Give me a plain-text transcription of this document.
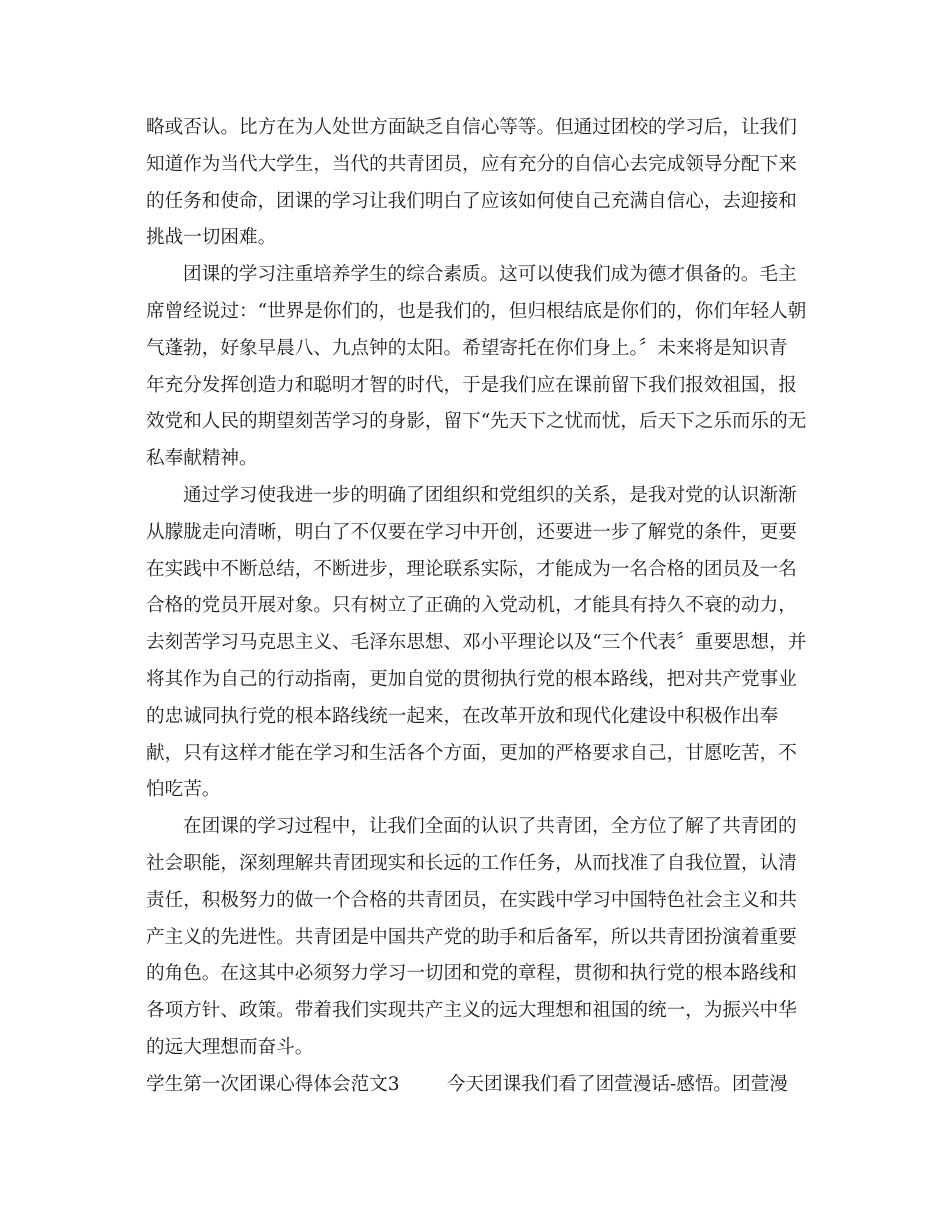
略或否认。比方在为人处世方面缺乏自信心等等。但通过团校的学习后，让我们
知道作为当代大学生，当代的共青团员，应有充分的自信心去完成领导分配下来
的任务和使命，团课的学习让我们明白了应该如何使自己充满自信心，去迎接和
挑战一切困难。
团课的学习注重培养学生的综合素质。这可以使我们成为德才俱备的。毛主
席曾经说过：“世界是你们的，也是我们的，但归根结底是你们的，你们年轻人朝
气蓬勃，好象早晨八、九点钟的太阳。希望寄托在你们身上。〞未来将是知识青
年充分发挥创造力和聪明才智的时代，于是我们应在课前留下我们报效祖国，报
效党和人民的期望刻苦学习的身影，留下“先天下之忧而忧，后天下之乐而乐的无
私奉献精神。
通过学习使我进一步的明确了团组织和党组织的关系，是我对党的认识渐渐
从朦胧走向清晰，明白了不仅要在学习中开创，还要进一步了解党的条件，更要
在实践中不断总结，不断进步，理论联系实际，才能成为一名合格的团员及一名
合格的党员开展对象。只有树立了正确的入党动机，才能具有持久不衰的动力，
去刻苦学习马克思主义、毛泽东思想、邓小平理论以及“三个代表〞重要思想，并
将其作为自己的行动指南，更加自觉的贯彻执行党的根本路线，把对共产党事业
的忠诚同执行党的根本路线统一起来，在改革开放和现代化建设中积极作出奉
献，只有这样才能在学习和生活各个方面，更加的严格要求自己，甘愿吃苦，不
怕吃苦。
在团课的学习过程中，让我们全面的认识了共青团，全方位了解了共青团的
社会职能，深刻理解共青团现实和长远的工作任务，从而找准了自我位置，认清
责任，积极努力的做一个合格的共青团员，在实践中学习中国特色社会主义和共
产主义的先进性。共青团是中国共产党的助手和后备军，所以共青团扮演着重要
的角色。在这其中必须努力学习一切团和党的章程，贯彻和执行党的根本路线和
各项方针、政策。带着我们实现共产主义的远大理想和祖国的统一，为振兴中华
的远大理想而奋斗。
学生第一次团课心得体会范文3        今天团课我们看了团萱漫话-感悟。团萱漫
